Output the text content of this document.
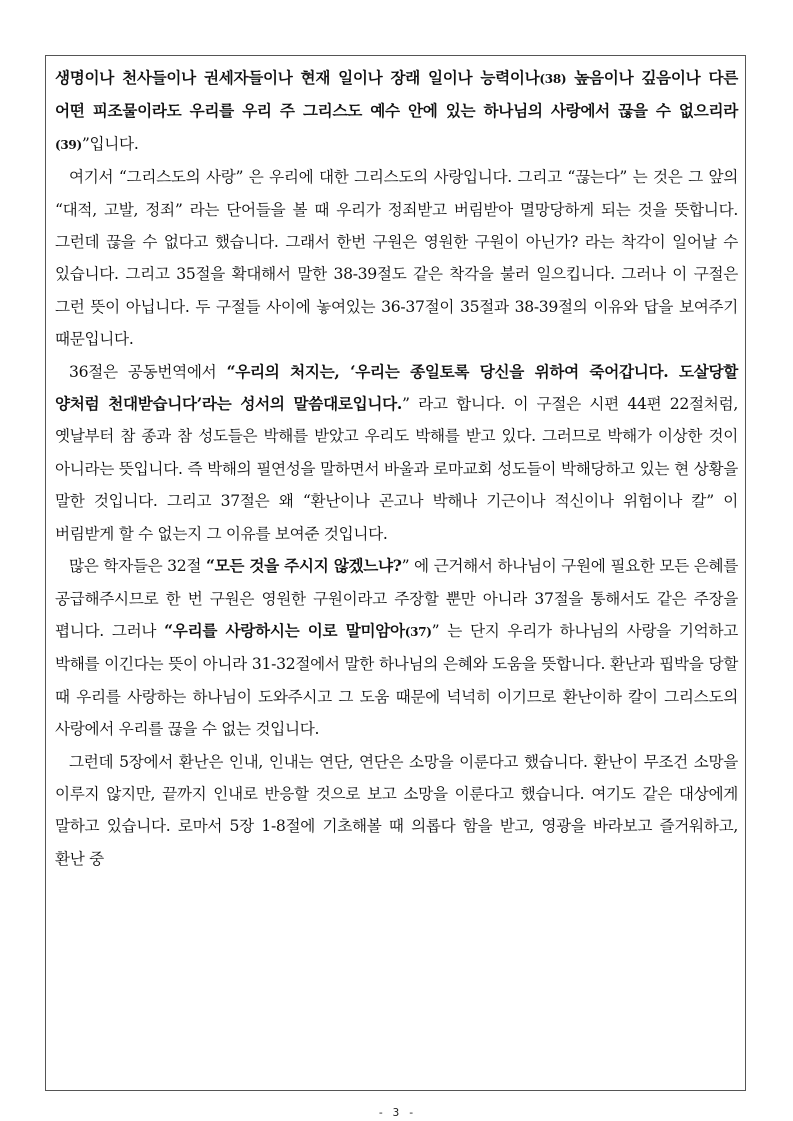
생명이나 천사들이나 권세자들이나 현재 일이나 장래 일이나 능력이나(38) 높음이나 깊음이나 다른 어떤 피조물이라도 우리를 우리 주 그리스도 예수 안에 있는 하나님의 사랑에서 끊을 수 없으리라(39)”입니다.

여기서 “그리스도의 사랑” 은 우리에 대한 그리스도의 사랑입니다. 그리고 “끊는다” 는 것은 그 앞의 “대적, 고발, 정죄” 라는 단어들을 볼 때 우리가 정죄받고 버림받아 멸망당하게 되는 것을 뜻합니다. 그런데 끊을 수 없다고 했습니다. 그래서 한번 구원은 영원한 구원이 아닌가? 라는 착각이 일어날 수 있습니다. 그리고 35절을 확대해서 말한 38-39절도 같은 착각을 불러 일으킵니다. 그러나 이 구절은 그런 뜻이 아닙니다. 두 구절들 사이에 놓여있는 36-37절이 35절과 38-39절의 이유와 답을 보여주기 때문입니다.

36절은 공동번역에서 “우리의 처지는, ‘우리는 종일토록 당신을 위하여 죽어갑니다. 도살당할 양처럼 천대받습니다’라는 성서의 말씀대로입니다.” 라고 합니다. 이 구절은 시편 44편 22절처럼, 옛날부터 참 종과 참 성도들은 박해를 받았고 우리도 박해를 받고 있다. 그러므로 박해가 이상한 것이 아니라는 뜻입니다. 즉 박해의 필연성을 말하면서 바울과 로마교회 성도들이 박해당하고 있는 현 상황을 말한 것입니다. 그리고 37절은 왜 “환난이나 곤고나 박해나 기근이나 적신이나 위험이나 칼” 이 버림받게 할 수 없는지 그 이유를 보여준 것입니다.

많은 학자들은 32절 “모든 것을 주시지 않겠느냐?” 에 근거해서 하나님이 구원에 필요한 모든 은혜를 공급해주시므로 한 번 구원은 영원한 구원이라고 주장할 뿐만 아니라 37절을 통해서도 같은 주장을 폅니다. 그러나 “우리를 사랑하시는 이로 말미암아(37)” 는 단지 우리가 하나님의 사랑을 기억하고 박해를 이긴다는 뜻이 아니라 31-32절에서 말한 하나님의 은혜와 도움을 뜻합니다. 환난과 핍박을 당할 때 우리를 사랑하는 하나님이 도와주시고 그 도움 때문에 넉넉히 이기므로 환난이하 칼이 그리스도의 사랑에서 우리를 끊을 수 없는 것입니다.

그런데 5장에서 환난은 인내, 인내는 연단, 연단은 소망을 이룬다고 했습니다. 환난이 무조건 소망을 이루지 않지만, 끝까지 인내로 반응할 것으로 보고 소망을 이룬다고 했습니다. 여기도 같은 대상에게 말하고 있습니다. 로마서 5장 1-8절에 기초해볼 때 의롭다 함을 받고, 영광을 바라보고 즐거워하고, 환난 중

- 3 -
